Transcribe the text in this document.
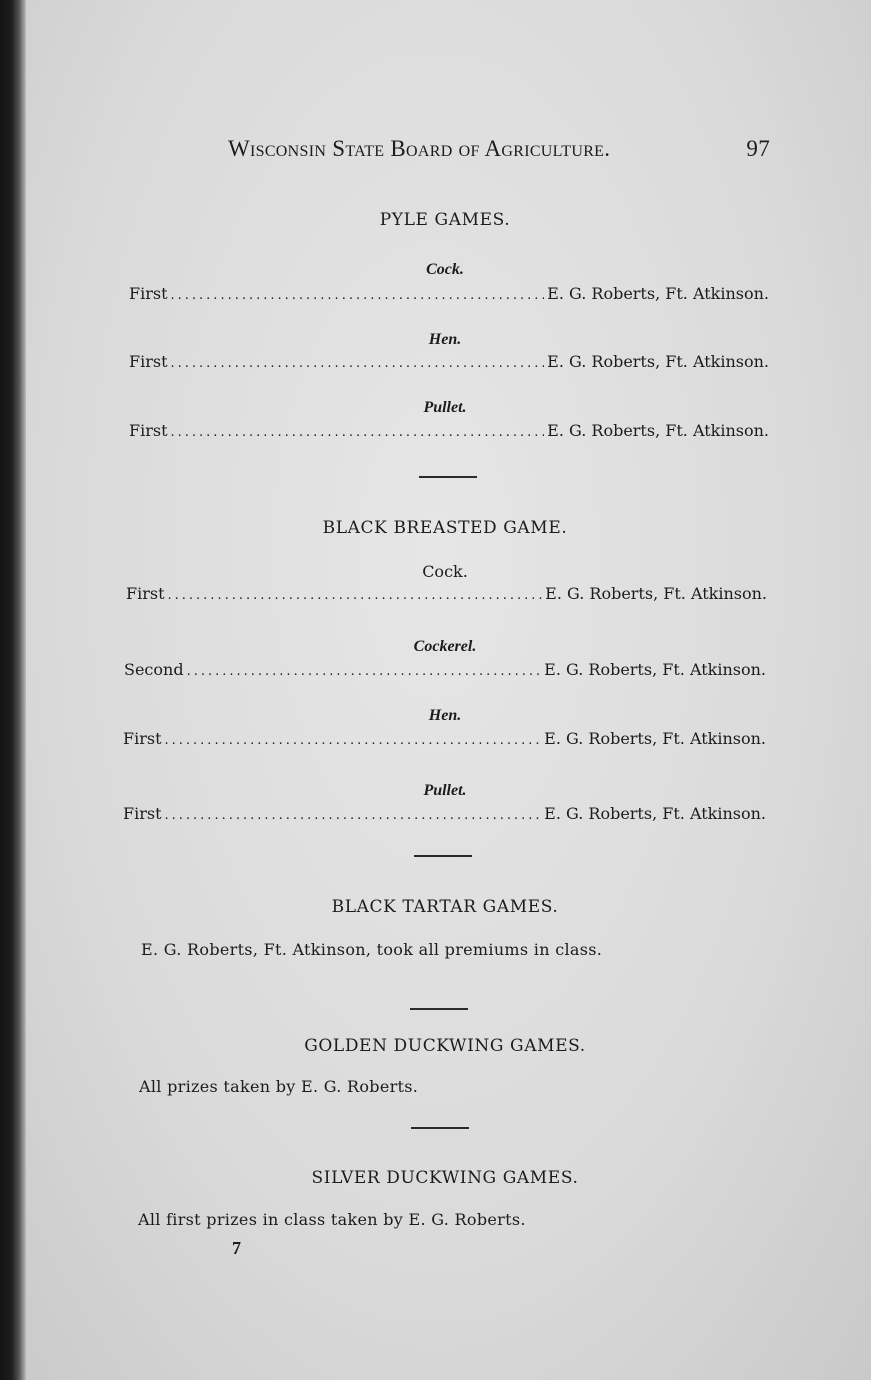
Wisconsin State Board of Agriculture.	97
PYLE GAMES.
Cock.
First .....	E. G. Roberts, Ft. Atkinson.
Hen.
First .....	E. G. Roberts, Ft. Atkinson.
Pullet.
First .....	E. G. Roberts, Ft. Atkinson.
BLACK BREASTED GAME.
Cock.
First .....	E. G. Roberts, Ft. Atkinson.
Cockerel.
Second .....	E. G. Roberts, Ft. Atkinson.
Hen.
First .....	E. G. Roberts, Ft. Atkinson.
Pullet.
First .....	E. G. Roberts, Ft. Atkinson.
BLACK TARTAR GAMES.
E. G. Roberts, Ft. Atkinson, took all premiums in class.
GOLDEN DUCKWING GAMES.
All prizes taken by E. G. Roberts.
SILVER DUCKWING GAMES.
All first prizes in class taken by E. G. Roberts.
7
